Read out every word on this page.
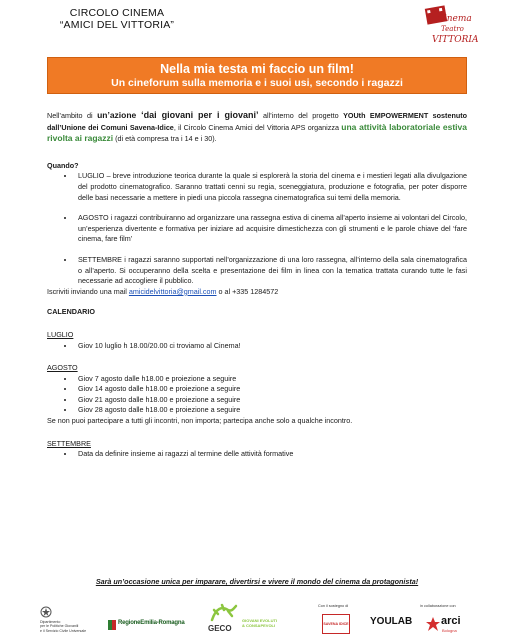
CIRCOLO CINEMA
“AMICI DEL VITTORIA”	Cinema
Teatro
VITTORIA
Nella mia testa mi faccio un film!
Un cineforum sulla memoria e i suoi usi, secondo i ragazzi

Nell’ambito di un’azione ‘dai giovani per i giovani’ all’interno del progetto YOUth EMPOWERMENT sostenuto dall’Unione dei Comuni Savena-Idice, il Circolo Cinema Amici del Vittoria APS organizza una attività laboratoriale estiva rivolta ai ragazzi (di età compresa tra i 14 e i 30).

Quando?

• LUGLIO – breve introduzione teorica durante la quale si esplorerà la storia del cinema e i mestieri legati alla divulgazione del prodotto cinematografico. Saranno trattati cenni su regia, sceneggiatura, produzione e fotografia, per poter disporre delle basi necessarie a mettere in piedi una piccola rassegna cinematografica sui temi della memoria.
• AGOSTO i ragazzi contribuiranno ad organizzare una rassegna estiva di cinema all’aperto insieme ai volontari del Circolo, un’esperienza divertente e formativa per iniziare ad acquisire dimestichezza con gli strumenti e le parole chiave del ‘fare cinema, fare film’
• SETTEMBRE i ragazzi saranno supportati nell’organizzazione di una loro rassegna, all’interno della sala cinematografica o all’aperto. Si occuperanno della scelta e presentazione dei film in linea con la tematica trattata curando tutte le fasi necessarie ad accogliere il pubblico.

Iscriviti inviando una mail amicidelvittoria@gmail.com o al +335 1284572

CALENDARIO

LUGLIO

• Giov 10 luglio h 18.00/20.00 ci troviamo al Cinema!

AGOSTO

• Giov 7 agosto dalle h18.00 e proiezione a seguire
• Giov 14 agosto dalle h18.00 e proiezione a seguire
• Giov 21 agosto dalle h18.00 e proiezione a seguire
• Giov 28 agosto dalle h18.00 e proiezione a seguire

Se non puoi partecipare a tutti gli incontri, non importa; partecipa anche solo a qualche incontro.

SETTEMBRE

• Data da definire insieme ai ragazzi al termine delle attività formative
Sarà un’occasione unica per imparare, divertirsi e vivere il mondo del cinema da protagonista!
Dipartimento
per le Politiche Giovanili
e il Servizio Civile Universale
RegioneEmilia-Romagna
GECO
GIOVANI EVOLUTI
& CONSAPEVOLI
Con il sostegno di
SAVENA IDICE YOULAB
in collaborazione con
arci
Bologna
